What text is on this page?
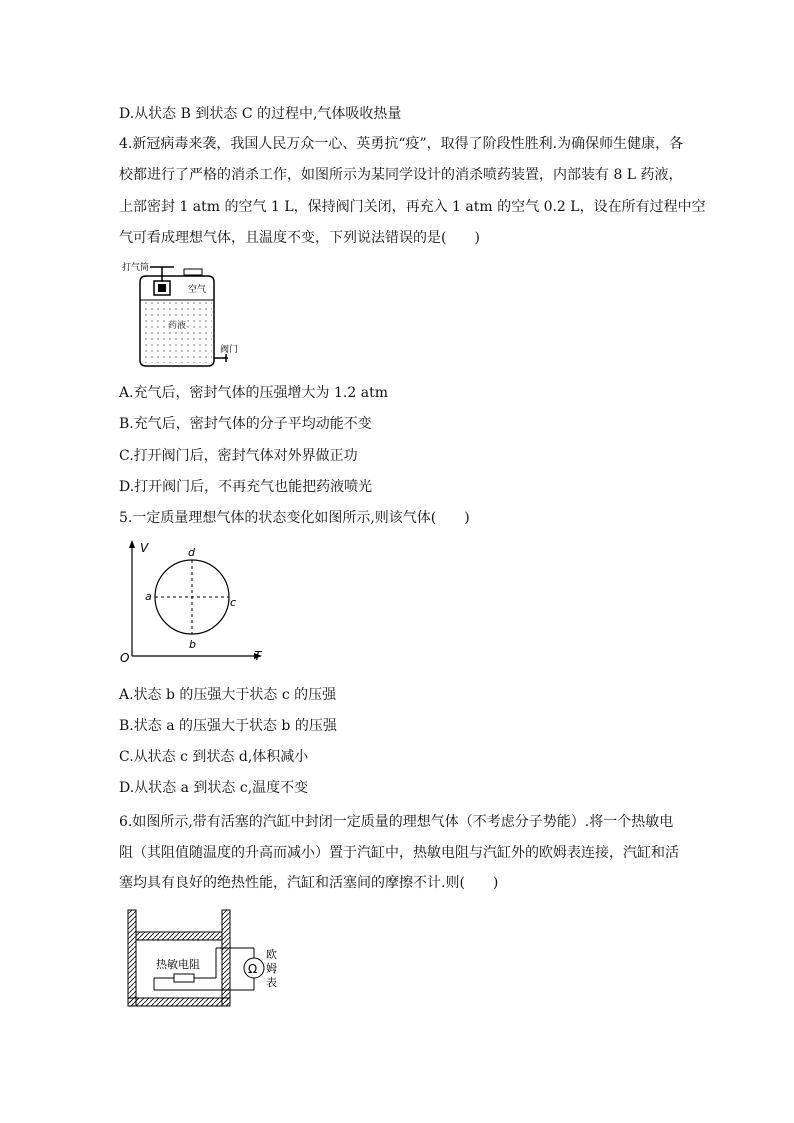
D.从状态 B 到状态 C 的过程中,气体吸收热量
4.新冠病毒来袭，我国人民万众一心、英勇抗“疫”，取得了阶段性胜利.为确保师生健康，各
校都进行了严格的消杀工作，如图所示为某同学设计的消杀喷药装置，内部装有 8 L 药液，
上部密封 1 atm 的空气 1 L，保持阀门关闭，再充入 1 atm 的空气 0.2 L，设在所有过程中空
气可看成理想气体，且温度不变，下列说法错误的是(　　)
打气筒
空气
药液
阀门
A.充气后，密封气体的压强增大为 1.2 atm
B.充气后，密封气体的分子平均动能不变
C.打开阀门后，密封气体对外界做正功
D.打开阀门后，不再充气也能把药液喷光
5.一定质量理想气体的状态变化如图所示,则该气体(　　)
V
T
O
a
b
c
d
A.状态 b 的压强大于状态 c 的压强
B.状态 a 的压强大于状态 b 的压强
C.从状态 c 到状态 d,体积减小
D.从状态 a 到状态 c,温度不变
6.如图所示,带有活塞的汽缸中封闭一定质量的理想气体（不考虑分子势能）.将一个热敏电
阻（其阻值随温度的升高而减小）置于汽缸中，热敏电阻与汽缸外的欧姆表连接，汽缸和活
塞均具有良好的绝热性能，汽缸和活塞间的摩擦不计.则(　　)
热敏电阻	Ω
欧
姆
表
